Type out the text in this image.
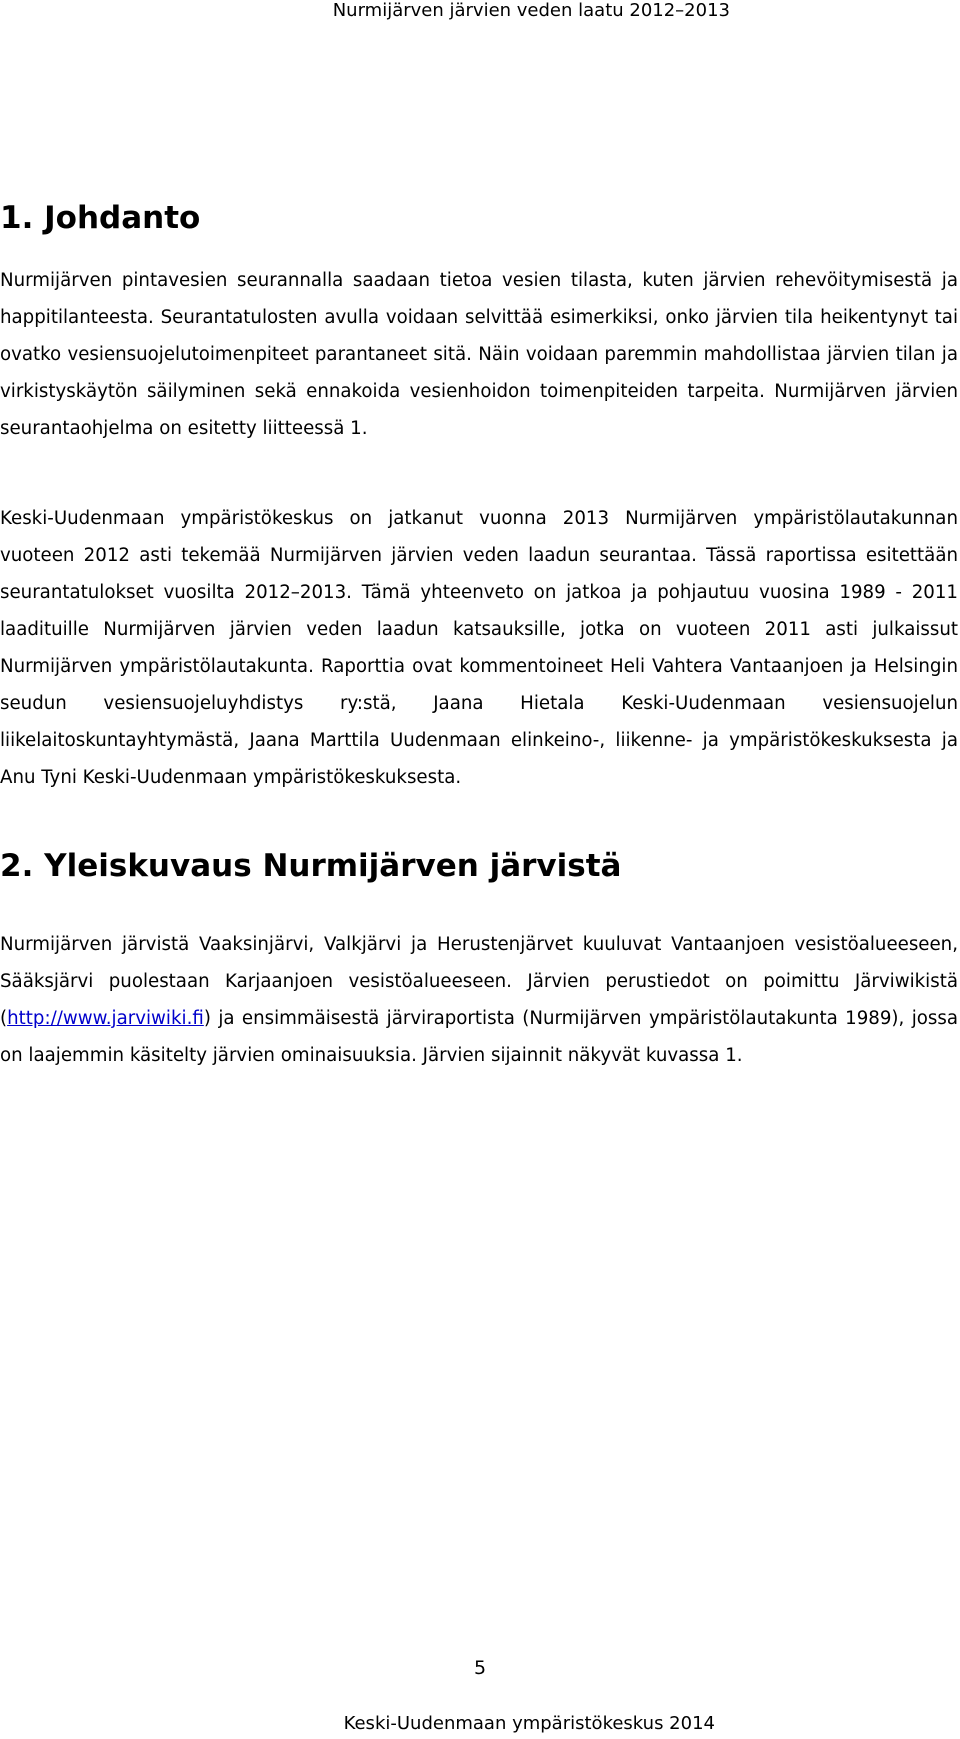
Nurmijärven järvien veden laatu 2012–2013
1. Johdanto

Nurmijärven pintavesien seurannalla saadaan tietoa vesien tilasta, kuten järvien rehevöitymisestä ja happitilanteesta. Seurantatulosten avulla voidaan selvittää esimerkiksi, onko järvien tila heikentynyt tai ovatko vesiensuojelutoimenpiteet parantaneet sitä. Näin voidaan paremmin mahdollistaa järvien tilan ja virkistyskäytön säilyminen sekä ennakoida vesienhoidon toimenpiteiden tarpeita. Nurmijärven järvien seurantaohjelma on esitetty liitteessä 1.

Keski-Uudenmaan ympäristökeskus on jatkanut vuonna 2013 Nurmijärven ympäristölautakunnan vuoteen 2012 asti tekemää Nurmijärven järvien veden laadun seurantaa. Tässä raportissa esitettään seurantatulokset vuosilta 2012–2013. Tämä yhteenveto on jatkoa ja pohjautuu vuosina 1989 - 2011 laadituille Nurmijärven järvien veden laadun katsauksille, jotka on vuoteen 2011 asti julkaissut Nurmijärven ympäristölautakunta. Raporttia ovat kommentoineet Heli Vahtera Vantaanjoen ja Helsingin seudun vesiensuojeluyhdistys ry:stä, Jaana Hietala Keski-Uudenmaan vesiensuojelun liikelaitoskuntayhtymästä, Jaana Marttila Uudenmaan elinkeino-, liikenne- ja ympäristökeskuksesta ja Anu Tyni Keski-Uudenmaan ympäristökeskuksesta.

2. Yleiskuvaus Nurmijärven järvistä

Nurmijärven järvistä Vaaksinjärvi, Valkjärvi ja Herustenjärvet kuuluvat Vantaanjoen vesistöalueeseen, Sääksjärvi puolestaan Karjaanjoen vesistöalueeseen. Järvien perustiedot on poimittu Järviwikistä (http://www.jarviwiki.fi) ja ensimmäisestä järviraportista (Nurmijärven ympäristölautakunta 1989), jossa on laajemmin käsitelty järvien ominaisuuksia. Järvien sijainnit näkyvät kuvassa 1.

5
Keski-Uudenmaan ympäristökeskus 2014
